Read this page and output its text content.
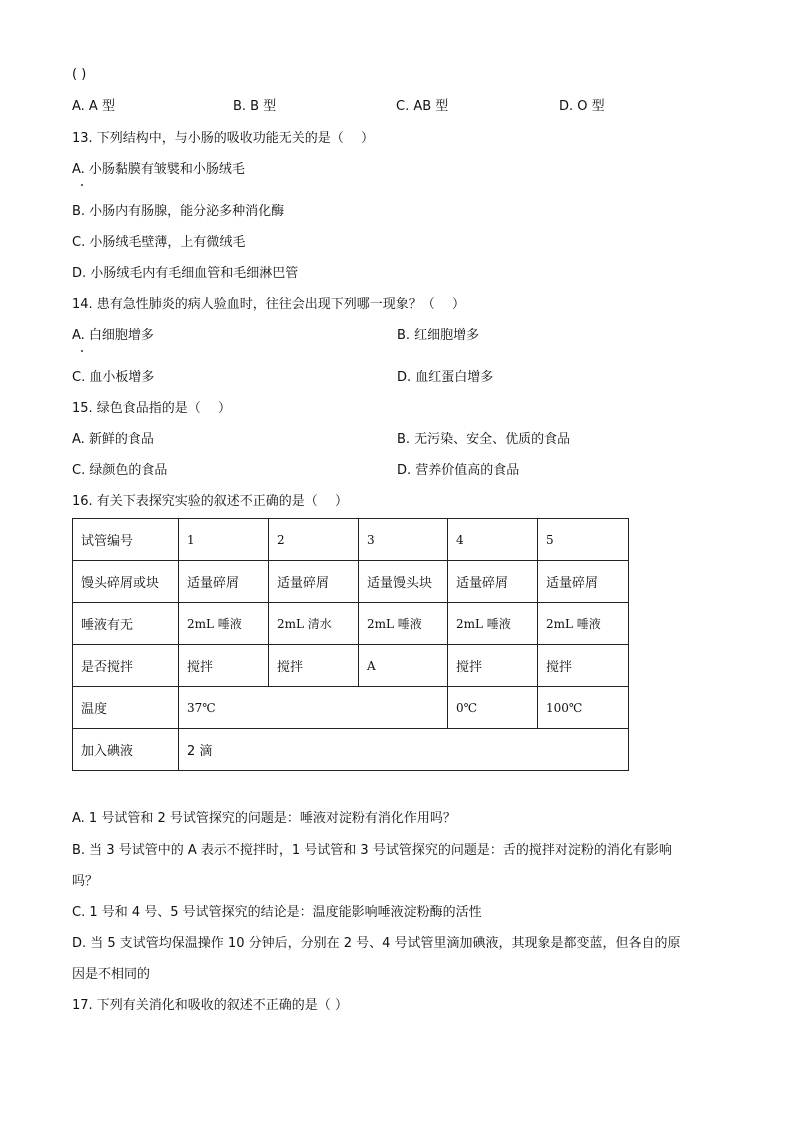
( )
A. A 型	B. B 型	C. AB 型	D. O 型
13. 下列结构中，与小肠的吸收功能无关的是（　 ）
A. 小肠黏膜有皱襞和小肠绒毛
B. 小肠内有肠腺，能分泌多种消化酶
C. 小肠绒毛壁薄，上有微绒毛
D. 小肠绒毛内有毛细血管和毛细淋巴管
14. 患有急性肺炎的病人验血时，往往会出现下列哪一现象？（　 ）
A. 白细胞增多	B. 红细胞增多
C. 血小板增多	D. 血红蛋白增多
15. 绿色食品指的是（　 ）
A. 新鲜的食品	B. 无污染、安全、优质的食品
C. 绿颜色的食品	D. 营养价值高的食品
16. 有关下表探究实验的叙述不正确的是（　 ）
试管编号	1	2	3	4	5
馒头碎屑或块	适量碎屑	适量碎屑	适量馒头块	适量碎屑	适量碎屑
唾液有无	2mL 唾液	2mL 清水	2mL 唾液	2mL 唾液	2mL 唾液
是否搅拌	搅拌	搅拌	A	搅拌	搅拌
温度	37℃			0℃	100℃
加入碘液	2 滴				
A. 1 号试管和 2 号试管探究的问题是：唾液对淀粉有消化作用吗？
B. 当 3 号试管中的 A 表示不搅拌时，1 号试管和 3 号试管探究的问题是：舌的搅拌对淀粉的消化有影响
吗？
C. 1 号和 4 号、5 号试管探究的结论是：温度能影响唾液淀粉酶的活性
D. 当 5 支试管均保温操作 10 分钟后，分别在 2 号、4 号试管里滴加碘液，其现象是都变蓝，但各自的原
因是不相同的
17. 下列有关消化和吸收的叙述不正确的是（ ）
